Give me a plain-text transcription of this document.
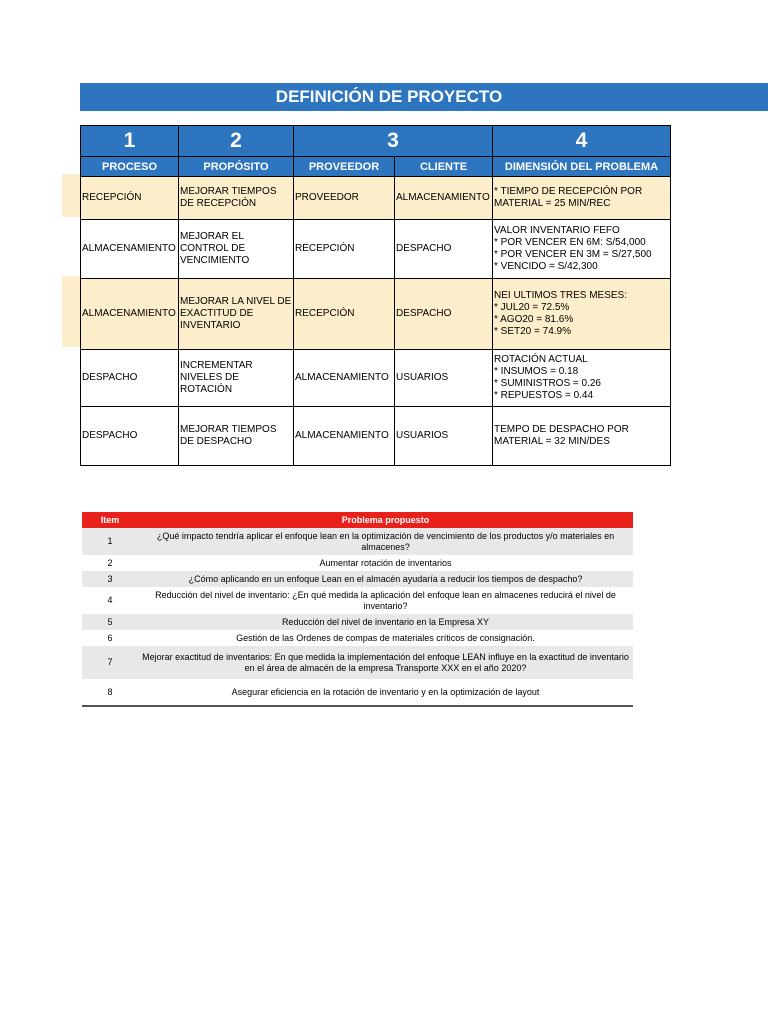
DEFINICIÓN DE PROYECTO
1	2	3		4
PROCESO	PROPÓSITO	PROVEEDOR	CLIENTE	DIMENSIÓN DEL PROBLEMA
RECEPCIÓN	MEJORAR TIEMPOS DE RECEPCIÓN	PROVEEDOR	ALMACENAMIENTO	* TIEMPO DE RECEPCIÓN POR MATERIAL = 25 MIN/REC
ALMACENAMIENTO	MEJORAR EL CONTROL DE VENCIMIENTO	RECEPCIÓN	DESPACHO	VALOR INVENTARIO FEFO
* POR VENCER EN 6M: S/54,000
* POR VENCER EN 3M = S/27,500
* VENCIDO = S/42,300
ALMACENAMIENTO	MEJORAR LA NIVEL DE EXACTITUD DE INVENTARIO	RECEPCIÓN	DESPACHO	NEI ULTIMOS TRES MESES:
* JUL20 = 72.5%
* AGO20 = 81.6%
* SET20 = 74.9%
DESPACHO	INCREMENTAR NIVELES DE ROTACIÓN	ALMACENAMIENTO	USUARIOS	ROTACIÓN ACTUAL
* INSUMOS = 0.18
* SUMINISTROS = 0.26
* REPUESTOS = 0.44
DESPACHO	MEJORAR TIEMPOS DE DESPACHO	ALMACENAMIENTO	USUARIOS	TEMPO DE DESPACHO POR MATERIAL = 32 MIN/DES
Item	Problema propuesto
1	¿Qué impacto tendría aplicar el enfoque lean en la optimización de vencimiento de los productos y/o materiales en almacenes?
2	Aumentar rotación de inventarios
3	¿Cómo aplicando en un enfoque Lean en el almacén ayudaría a reducir los tiempos de despacho?
4	Reducción del nivel de inventario: ¿En qué medida la aplicación del enfoque lean en almacenes reducirá el nivel de inventario?
5	Reducción del nivel de inventario en la Empresa XY
6	Gestión de las Ordenes de compas de materiales críticos de consignación.
7	Mejorar exactitud de inventarios: En que medida la implementación del enfoque LEAN influye en la exactitud de inventario en el área de almacén de la empresa Transporte XXX en el año 2020?
8	Asegurar eficiencia en la rotación de inventario y en la optimización de layout
